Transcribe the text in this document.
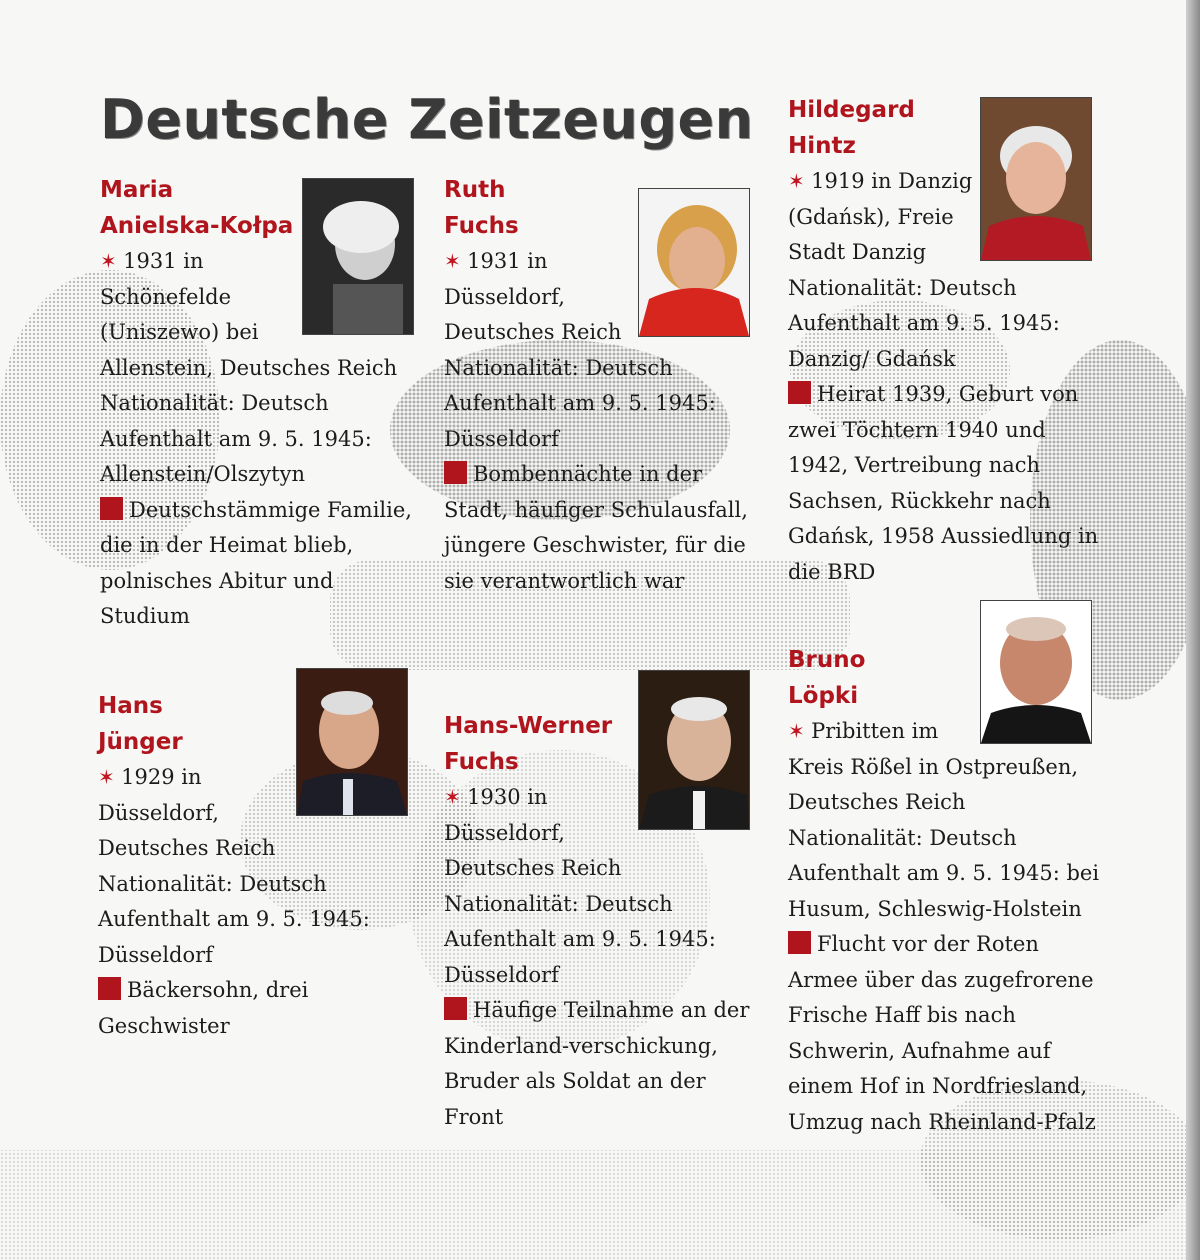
Deutsche Zeitzeugen
Maria
Anielska-Kołpa
✶ 1931 in
Schönefelde
(Uniszewo) bei
Allenstein, Deutsches Reich
Nationalität: Deutsch
Aufenthalt am 9. 5. 1945:
Allenstein/Olszytyn
Deutschstämmige Familie,
die in der Heimat blieb,
polnisches Abitur und
Studium
Ruth
Fuchs
✶ 1931 in
Düsseldorf,
Deutsches Reich
Nationalität: Deutsch
Aufenthalt am 9. 5. 1945:
Düsseldorf
Bombennächte in der
Stadt, häufiger Schulausfall,
jüngere Geschwister, für die
sie verantwortlich war
Hildegard
Hintz
✶ 1919 in Danzig
(Gdańsk), Freie
Stadt Danzig
Nationalität: Deutsch
Aufenthalt am 9. 5. 1945:
Danzig/ Gdańsk
Heirat 1939, Geburt von
zwei Töchtern 1940 und
1942, Vertreibung nach
Sachsen, Rückkehr nach
Gdańsk, 1958 Aussiedlung in
die BRD
Hans
Jünger
✶ 1929 in
Düsseldorf,
Deutsches Reich
Nationalität: Deutsch
Aufenthalt am 9. 5. 1945:
Düsseldorf
Bäckersohn, drei
Geschwister
Hans-Werner
Fuchs
✶ 1930 in
Düsseldorf,
Deutsches Reich
Nationalität: Deutsch
Aufenthalt am 9. 5. 1945:
Düsseldorf
Häufige Teilnahme an der
Kinderland-verschickung,
Bruder als Soldat an der
Front
Bruno
Löpki
✶ Pribitten im
Kreis Rößel in Ostpreußen,
Deutsches Reich
Nationalität: Deutsch
Aufenthalt am 9. 5. 1945: bei
Husum, Schleswig-Holstein
Flucht vor der Roten
Armee über das zugefrorene
Frische Haff bis nach
Schwerin, Aufnahme auf
einem Hof in Nordfriesland,
Umzug nach Rheinland-Pfalz
